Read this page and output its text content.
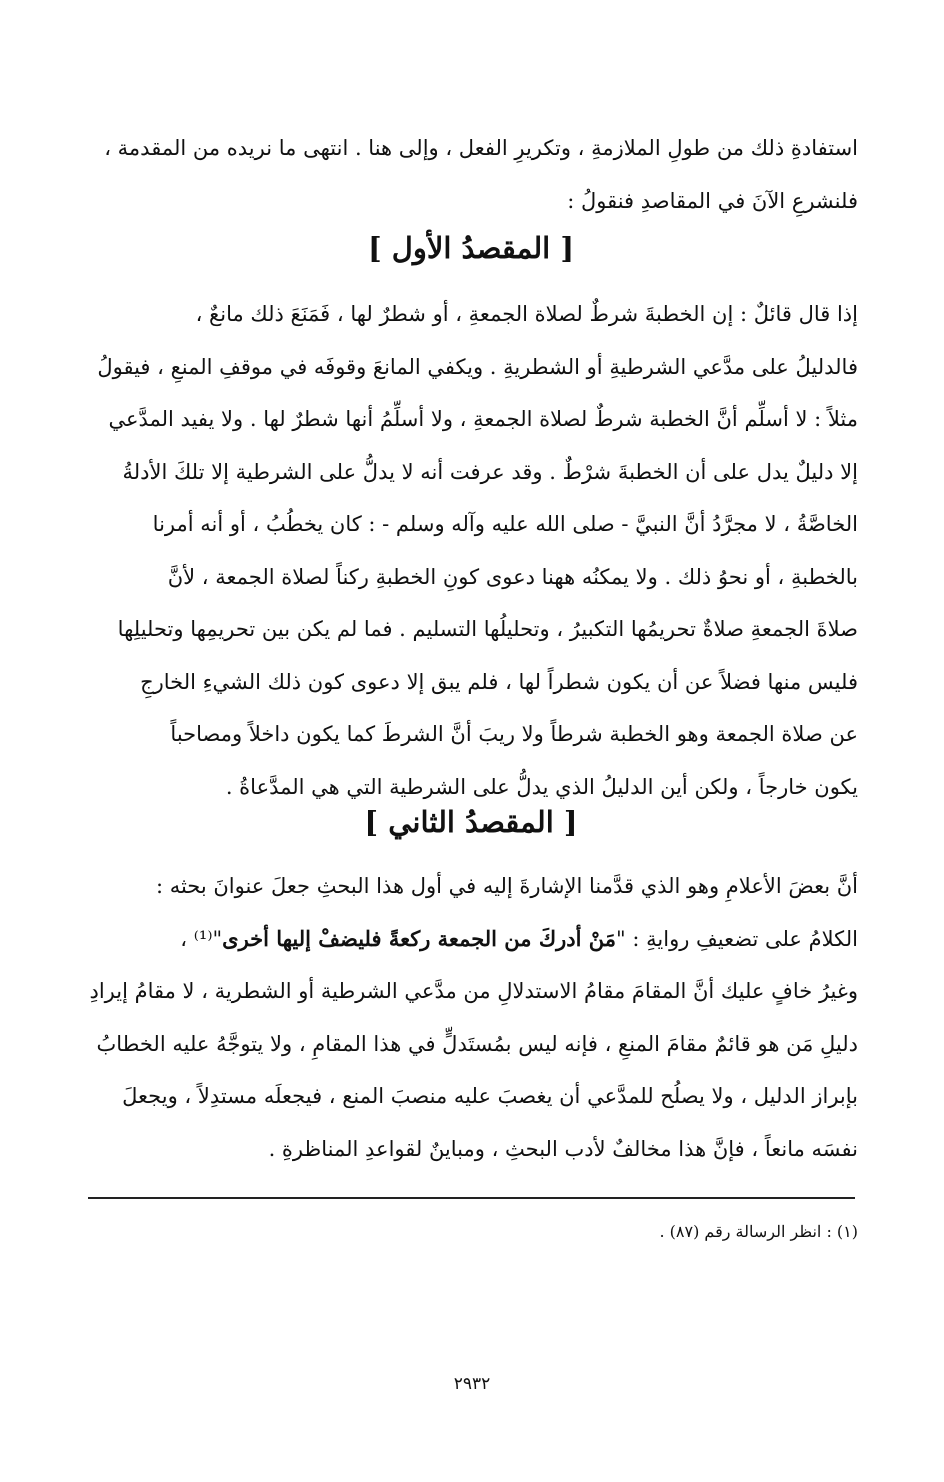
استفادةِ ذلك من طولِ الملازمةِ ، وتكريرِ الفعل ، وإلى هنا . انتهى ما نريده من المقدمة ،
فلنشرعِ الآنَ في المقاصدِ فنقولُ :

[ المقصدُ الأول ]

إذا قال قائلٌ : إن الخطبةَ شرطٌ لصلاة الجمعةِ ، أو شطرٌ لها ، فَمَنَعَ ذلك مانعٌ ،
فالدليلُ على مدَّعي الشرطيةِ أو الشطريةِ . ويكفي المانعَ وقوفَه في موقفِ المنعِ ، فيقولُ
مثلاً : لا أسلِّم أنَّ الخطبة شرطٌ لصلاة الجمعةِ ، ولا أسلِّمُ أنها شطرٌ لها . ولا يفيد المدَّعي
إلا دليلٌ يدل على أن الخطبةَ شرْطٌ . وقد عرفت أنه لا يدلُّ على الشرطية إلا تلكَ الأدلةُ
الخاصَّةُ ، لا مجرَّدُ أنَّ النبيَّ - صلى الله عليه وآله وسلم - : كان يخطُبُ ، أو أنه أمرنا
بالخطبةِ ، أو نحوُ ذلك . ولا يمكنُه ههنا دعوى كونِ الخطبةِ ركناً لصلاة الجمعة ، لأنَّ
صلاةَ الجمعةِ صلاةٌ تحريمُها التكبيرُ ، وتحليلُها التسليم . فما لم يكن بين تحريمِها وتحليلِها
فليس منها فضلاً عن أن يكون شطراً لها ، فلم يبق إلا دعوى كون ذلك الشيءِ الخارجِ
عن صلاة الجمعة وهو الخطبة شرطاً ولا ريبَ أنَّ الشرطَ كما يكون داخلاً ومصاحباً
يكون خارجاً ، ولكن أين الدليلُ الذي يدلُّ على الشرطية التي هي المدَّعاةُ .

[ المقصدُ الثاني ]

أنَّ بعضَ الأعلامِ وهو الذي قدَّمنا الإشارةَ إليه في أول هذا البحثِ جعلَ عنوانَ بحثه :
الكلامُ على تضعيفِ روايةِ : "مَنْ أدركَ من الجمعة ركعةً فليضفْ إليها أخرى"⁽¹⁾ ،
وغيرُ خافٍ عليك أنَّ المقامَ مقامُ الاستدلالِ من مدَّعي الشرطية أو الشطرية ، لا مقامُ إيرادِ
دليلِ مَن هو قائمٌ مقامَ المنعِ ، فإنه ليس بمُستَدلٍّ في هذا المقامِ ، ولا يتوجَّهُ عليه الخطابُ
بإبراز الدليل ، ولا يصلُح للمدَّعي أن يغصبَ عليه منصبَ المنع ، فيجعلَه مستدِلاً ، ويجعلَ
نفسَه مانعاً ، فإنَّ هذا مخالفٌ لأدب البحثِ ، ومباينٌ لقواعدِ المناظرةِ .

(١) : انظر الرسالة رقم (٨٧) .

٢٩٣٢
